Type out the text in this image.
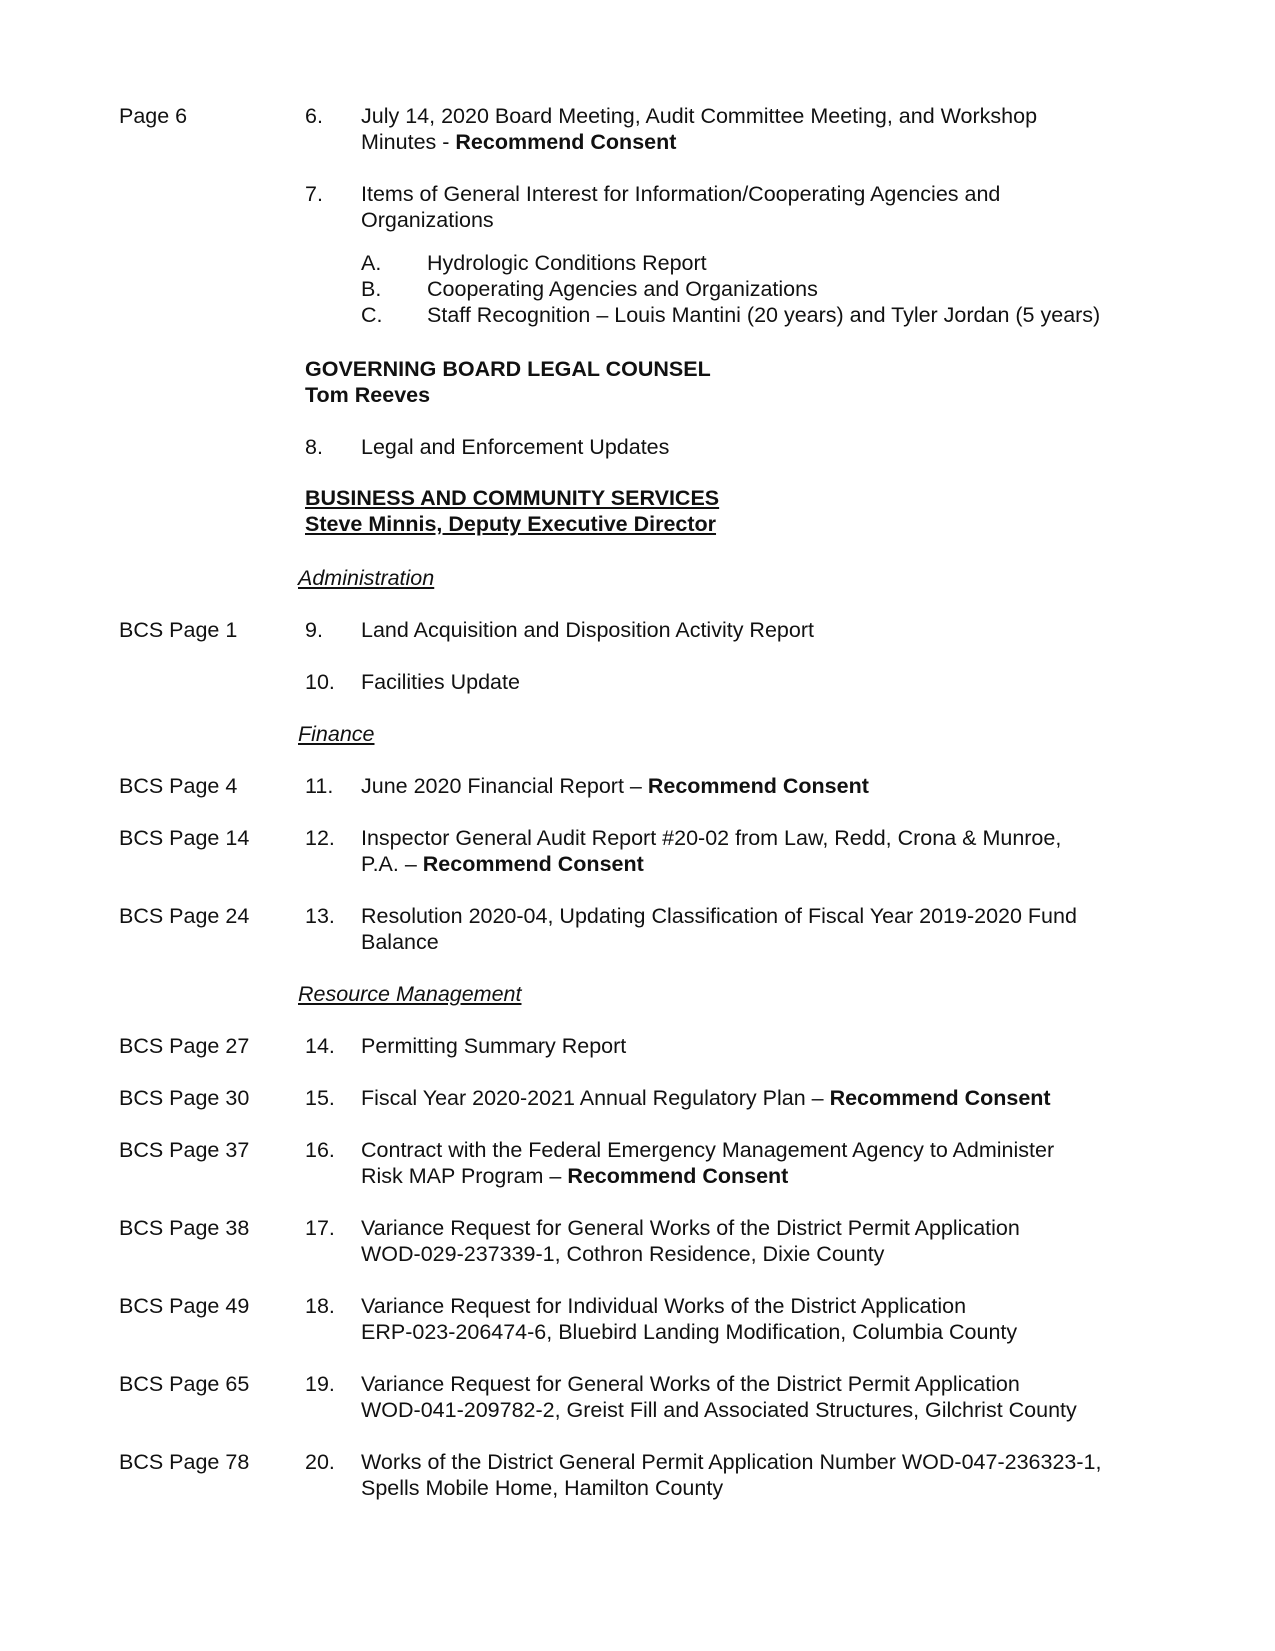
Page 6	6. July 14, 2020 Board Meeting, Audit Committee Meeting, and Workshop
Minutes - Recommend Consent
7. Items of General Interest for Information/Cooperating Agencies and
Organizations
A. Hydrologic Conditions Report
B. Cooperating Agencies and Organizations
C. Staff Recognition – Louis Mantini (20 years) and Tyler Jordan (5 years)
GOVERNING BOARD LEGAL COUNSEL
Tom Reeves
8. Legal and Enforcement Updates
BUSINESS AND COMMUNITY SERVICES
Steve Minnis, Deputy Executive Director
Administration
BCS Page 1	9. Land Acquisition and Disposition Activity Report
10. Facilities Update
Finance
BCS Page 4	11. June 2020 Financial Report – Recommend Consent
BCS Page 14	12. Inspector General Audit Report #20-02 from Law, Redd, Crona & Munroe,
P.A. – Recommend Consent
BCS Page 24	13. Resolution 2020-04, Updating Classification of Fiscal Year 2019-2020 Fund
Balance
Resource Management
BCS Page 27	14. Permitting Summary Report
BCS Page 30	15. Fiscal Year 2020-2021 Annual Regulatory Plan – Recommend Consent
BCS Page 37	16. Contract with the Federal Emergency Management Agency to Administer
Risk MAP Program – Recommend Consent
BCS Page 38	17. Variance Request for General Works of the District Permit Application
WOD-029-237339-1, Cothron Residence, Dixie County
BCS Page 49	18. Variance Request for Individual Works of the District Application
ERP-023-206474-6, Bluebird Landing Modification, Columbia County
BCS Page 65	19. Variance Request for General Works of the District Permit Application
WOD-041-209782-2, Greist Fill and Associated Structures, Gilchrist County
BCS Page 78	20. Works of the District General Permit Application Number WOD-047-236323-1,
Spells Mobile Home, Hamilton County
